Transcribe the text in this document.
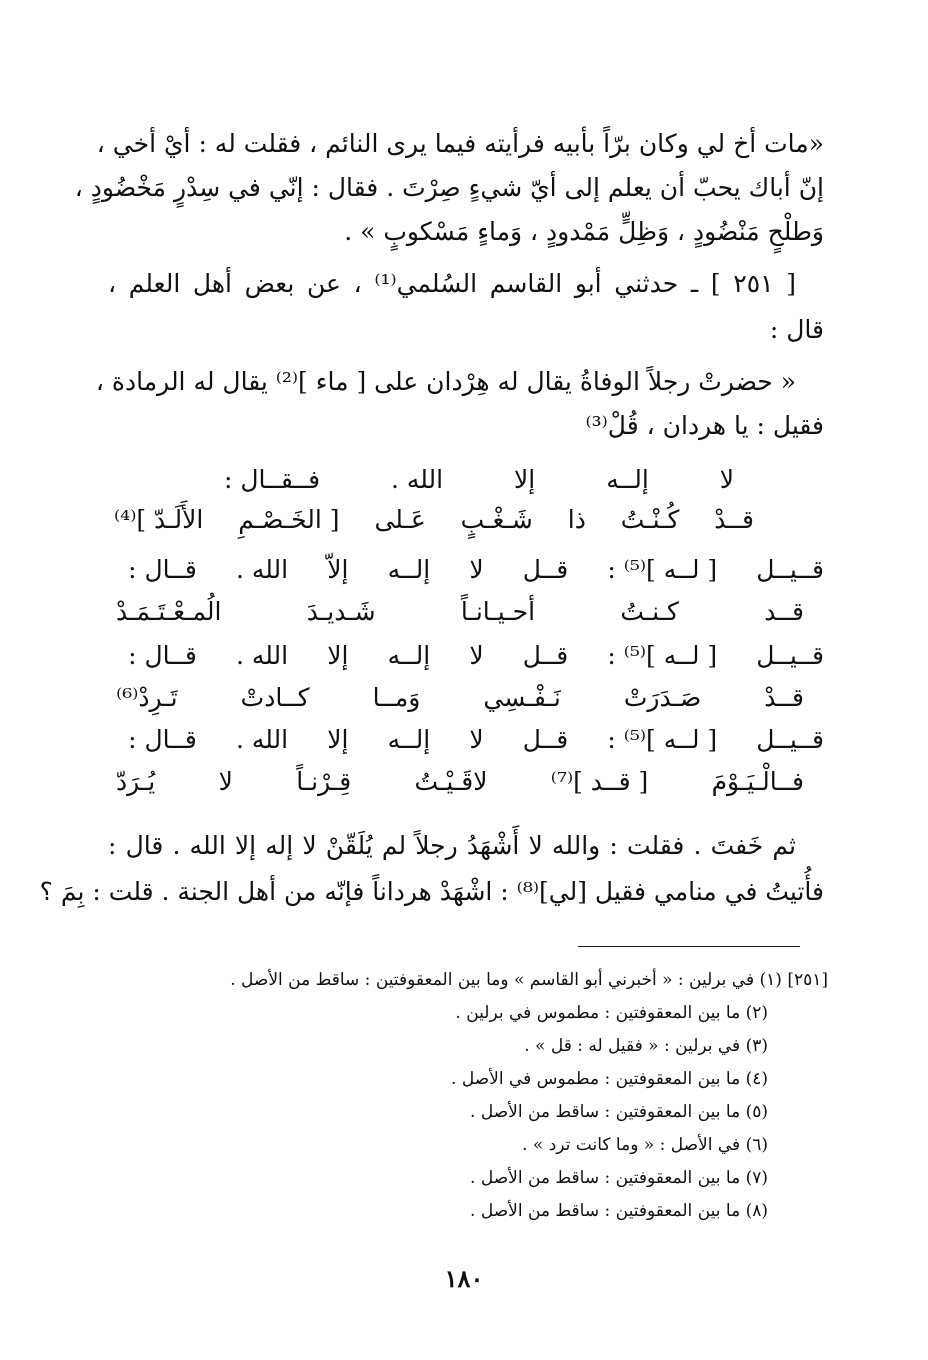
«مات أخ لي وكان برّاً بأبيه فرأيته فيما يرى النائم ، فقلت له : أيْ أخي ،
إنّ أباك يحبّ أن يعلم إلى أيّ شيءٍ صِرْتَ . فقال : إنّي في سِدْرٍ مَخْضُودٍ ،
وَطلْحٍ مَنْضُودٍ ، وَظِلٍّ مَمْدودٍ ، وَماءٍ مَسْكوبٍ » .
[ ٢٥١ ] ـ حدثني أبو القاسم السُلمي⁽¹⁾ ، عن بعض أهل العلم ،
قال :
« حضرتْ رجلاً الوفاةُ يقال له هِرْدان على [ ماء ]⁽²⁾ يقال له الرمادة ،
فقيل : يا هردان ، قُلْ⁽³⁾
لا
إلــه
إلا
الله .
فــقــال :
قــدْ
كُـنْـتُ
ذا
شَـغْـبٍ
عَـلى
[ الخَـصْـمِ
الأَلَـدّ ]⁽⁴⁾
قــيــل
[ لــه ]⁽⁵⁾ :
قــل
لا
إلــه
إلاّ
الله .
قــال :
قــد
كـنـتُ
أحـيـانـاً
شَـديـدَ
الُمـعْـتَـمَـدْ
قــيــل
[ لــه ]⁽⁵⁾ :
قــل
لا
إلــه
إلا
الله .
قــال :
قــدْ
صَـدَرَتْ
نَـفْـسِي
وَمــا
كــادتْ
تَـرِدْ⁽⁶⁾
قــيــل
[ لــه ]⁽⁵⁾ :
قــل
لا
إلــه
إلا
الله .
قــال :
فــالْـيَـوْمَ
[ قــد ]⁽⁷⁾
لاقَـيْـتُ
قِـرْنـاً
لا
يُـرَدّ
ثم خَفتَ . فقلت : والله لا أَشْهَدُ رجلاً لم يُلَقّنْ لا إله إلا الله . قال :
فأُتيتُ في منامي فقيل [لي]⁽⁸⁾ : اشْهَدْ هرداناً فإنّه من أهل الجنة . قلت : بِمَ ؟
[٢٥١] (١) في برلين : « أخبرني أبو القاسم » وما بين المعقوفتين : ساقط من الأصل .
(٢) ما بين المعقوفتين : مطموس في برلين .
(٣) في برلين : « فقيل له : قل » .
(٤) ما بين المعقوفتين : مطموس في الأصل .
(٥) ما بين المعقوفتين : ساقط من الأصل .
(٦) في الأصل : « وما كانت ترد » .
(٧) ما بين المعقوفتين : ساقط من الأصل .
(٨) ما بين المعقوفتين : ساقط من الأصل .
١٨٠
